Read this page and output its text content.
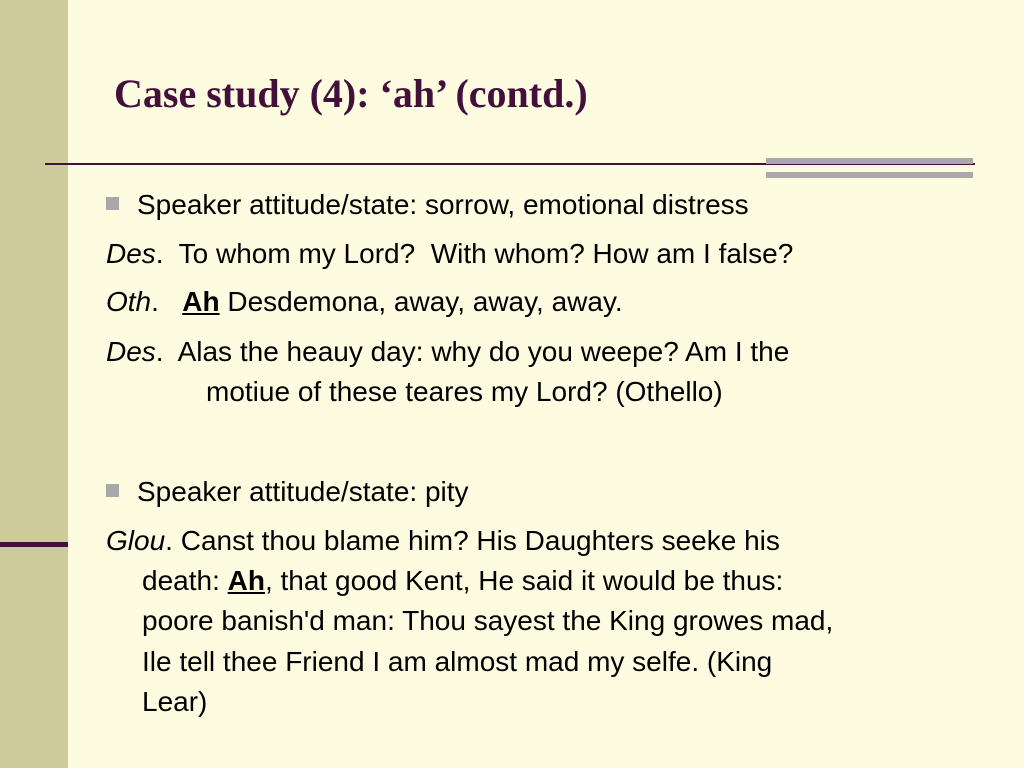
Case study (4): ‘ah’ (contd.)
Speaker attitude/state: sorrow, emotional distress
Des.  To whom my Lord?  With whom? How am I false?
Oth.   Ah Desdemona, away, away, away.
Des.  Alas the heauy day: why do you weepe? Am I the
motiue of these teares my Lord? (Othello)
Speaker attitude/state: pity
Glou. Canst thou blame him? His Daughters seeke his
death: Ah, that good Kent, He said it would be thus:
poore banish'd man: Thou sayest the King growes mad,
Ile tell thee Friend I am almost mad my selfe. (King
Lear)
